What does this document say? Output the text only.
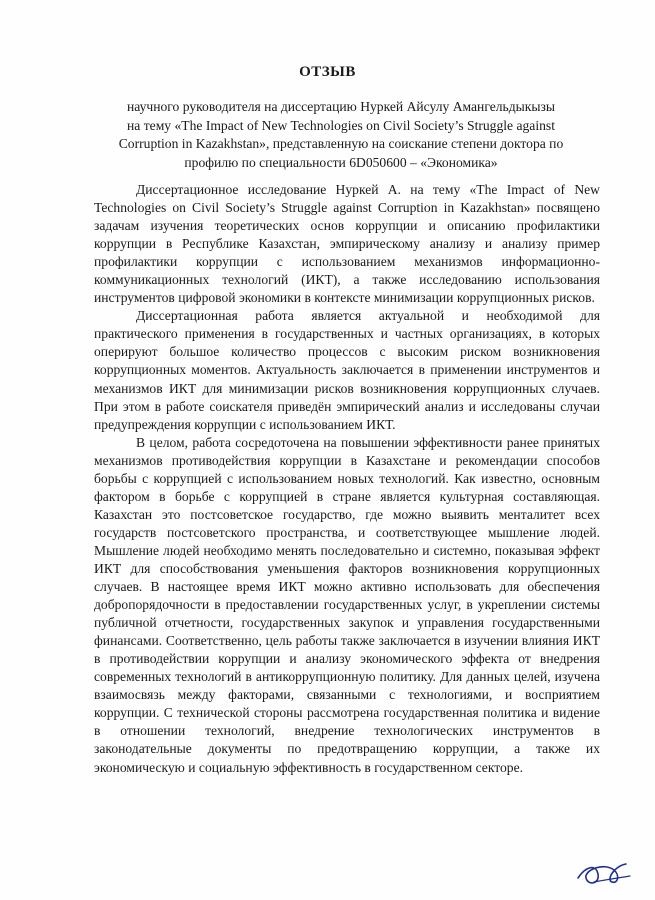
ОТЗЫВ
научного руководителя на диссертацию Нуркей Айсулу Амангельдыкызы
на тему «The Impact of New Technologies on Civil Society’s Struggle against
Corruption in Kazakhstan», представленную на соискание степени доктора по
профилю по специальности 6D050600 – «Экономика»

Диссертационное исследование Нуркей А. на тему «The Impact of New Technologies on Civil Society’s Struggle against Corruption in Kazakhstan» посвящено задачам изучения теоретических основ коррупции и описанию профилактики коррупции в Республике Казахстан, эмпирическому анализу и анализу пример профилактики коррупции с использованием механизмов информационно-коммуникационных технологий (ИКТ), а также исследованию использования инструментов цифровой экономики в контексте минимизации коррупционных рисков.

Диссертационная работа является актуальной и необходимой для практического применения в государственных и частных организациях, в которых оперируют большое количество процессов с высоким риском возникновения коррупционных моментов. Актуальность заключается в применении инструментов и механизмов ИКТ для минимизации рисков возникновения коррупционных случаев. При этом в работе соискателя приведён эмпирический анализ и исследованы случаи предупреждения коррупции с использованием ИКТ.

В целом, работа сосредоточена на повышении эффективности ранее принятых механизмов противодействия коррупции в Казахстане и рекомендации способов борьбы с коррупцией с использованием новых технологий. Как известно, основным фактором в борьбе с коррупцией в стране является культурная составляющая. Казахстан это постсоветское государство, где можно выявить менталитет всех государств постсоветского пространства, и соответствующее мышление людей. Мышление людей необходимо менять последовательно и системно, показывая эффект ИКТ для способствования уменьшения факторов возникновения коррупционных случаев. В настоящее время ИКТ можно активно использовать для обеспечения добропорядочности в предоставлении государственных услуг, в укреплении системы публичной отчетности, государственных закупок и управления государственными финансами. Соответственно, цель работы также заключается в изучении влияния ИКТ в противодействии коррупции и анализу экономического эффекта от внедрения современных технологий в антикоррупционную политику. Для данных целей, изучена взаимосвязь между факторами, связанными с технологиями, и восприятием коррупции. С технической стороны рассмотрена государственная политика и видение в отношении технологий, внедрение технологических инструментов в законодательные документы по предотвращению коррупции, а также их экономическую и социальную эффективность в государственном секторе.
